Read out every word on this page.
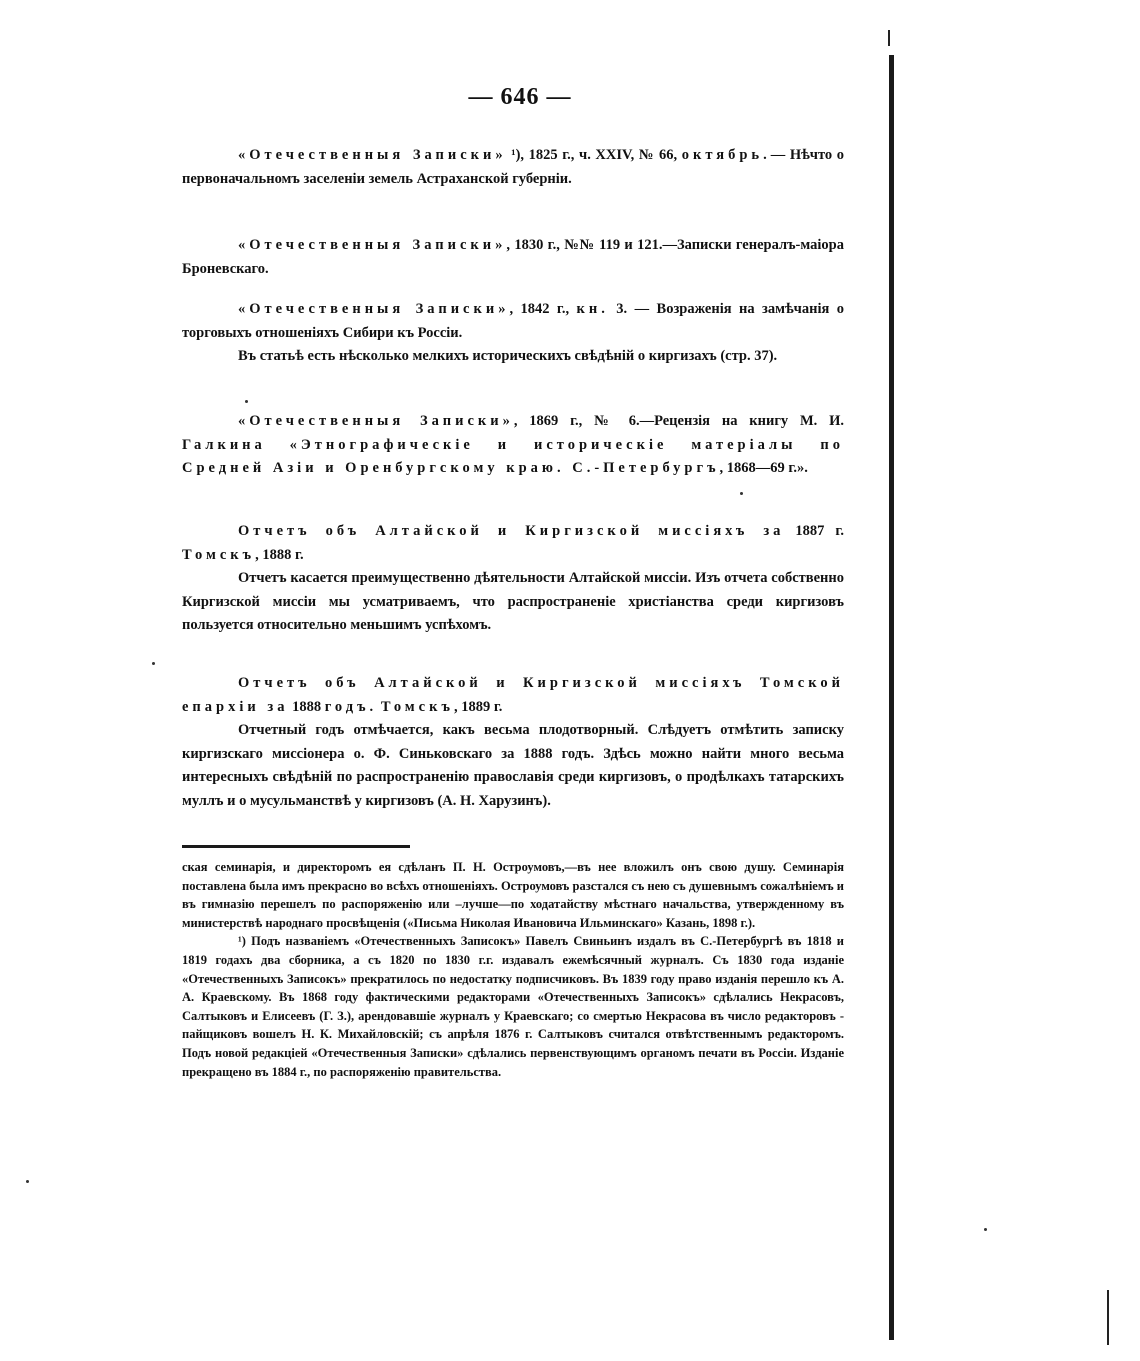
— 646 —

«Отечественныя Записки» ¹), 1825 г., ч. XXIV, № 66, октябрь.— Нѣчто о первоначальномъ заселеніи земель Астраханской губерніи.

«Отечественныя Записки», 1830 г., №№ 119 и 121.—Записки генералъ-маіора Броневскаго.

«Отечественныя Записки», 1842 г., кн. 3. — Возраженія на замѣчанія о торговыхъ отношеніяхъ Сибири къ Россіи.

Въ статьѣ есть нѣсколько мелкихъ историческихъ свѣдѣній о киргизахъ (стр. 37).

«Отечественныя Записки», 1869 г., № 6.—Рецензія на книгу М. И. Галкина «Этнографическіе и историческіе матеріалы по Средней Азіи и Оренбургскому краю. С.-Петербургъ, 1868—69 г.».

Отчетъ объ Алтайской и Киргизской миссіяхъ за 1887 г. Томскъ, 1888 г.

Отчетъ касается преимущественно дѣятельности Алтайской миссіи. Изъ отчета собственно Киргизской миссіи мы усматриваемъ, что распространеніе христіанства среди киргизовъ пользуется относительно меньшимъ успѣхомъ.

Отчетъ объ Алтайской и Киргизской миссіяхъ Томской епархіи за 1888 годъ. Томскъ, 1889 г.

Отчетный годъ отмѣчается, какъ весьма плодотворный. Слѣдуетъ отмѣтить записку киргизскаго миссіонера о. Ф. Синьковскаго за 1888 годъ. Здѣсь можно найти много весьма интересныхъ свѣдѣній по распространенію православія среди киргизовъ, о продѣлкахъ татарскихъ муллъ и о мусульманствѣ у киргизовъ (А. Н. Харузинъ).

ская семинарія, и директоромъ ея сдѣланъ П. Н. Остроумовъ,—въ нее вложилъ онъ свою душу. Семинарія поставлена была имъ прекрасно во всѣхъ отношеніяхъ. Остроумовъ разстался съ нею съ душевнымъ сожалѣніемъ и въ гимназію перешелъ по распоряженію или –лучше—по ходатайству мѣстнаго начальства, утвержденному въ министерствѣ народнаго просвѣщенія («Письма Николая Ивановича Ильминскаго» Казань, 1898 г.).

¹) Подъ названіемъ «Отечественныхъ Записокъ» Павелъ Свиньинъ издалъ въ С.-Петербургѣ въ 1818 и 1819 годахъ два сборника, а съ 1820 по 1830 г.г. издавалъ ежемѣсячный журналъ. Съ 1830 года изданіе «Отечественныхъ Записокъ» прекратилось по недостатку подписчиковъ. Въ 1839 году право изданія перешло къ А. А. Краевскому. Въ 1868 году фактическими редакторами «Отечественныхъ Записокъ» сдѣлались Некрасовъ, Салтыковъ и Елисеевъ (Г. З.), арендовавшіе журналъ у Краевскаго; со смертью Некрасова въ число редакторовъ - пайщиковъ вошелъ Н. К. Михайловскій; съ апрѣля 1876 г. Салтыковъ считался отвѣтственнымъ редакторомъ. Подъ новой редакціей «Отечественныя Записки» сдѣлались первенствующимъ органомъ печати въ Россіи. Изданіе прекращено въ 1884 г., по распоряженію правительства.
